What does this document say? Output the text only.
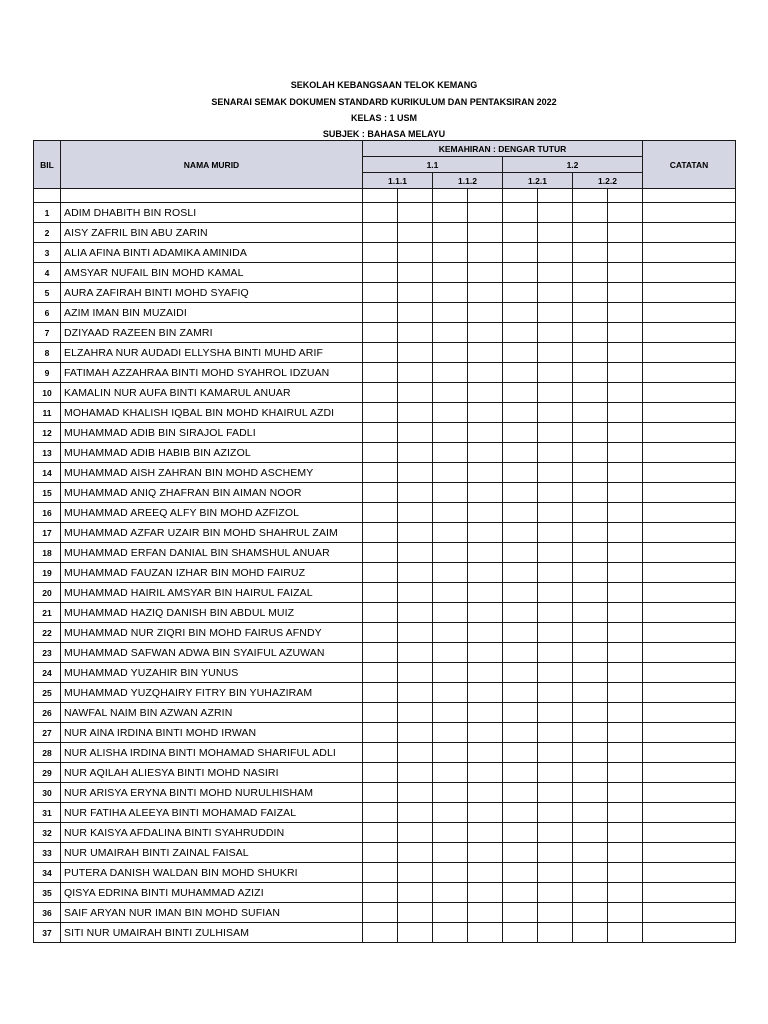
SEKOLAH KEBANGSAAN TELOK KEMANG
SENARAI SEMAK DOKUMEN STANDARD KURIKULUM DAN PENTAKSIRAN 2022
KELAS : 1 USM
SUBJEK : BAHASA MELAYU
BIL	NAMA MURID	KEMAHIRAN : DENGAR TUTUR								CATATAN
		1.1				1.2				
		1.1.1		1.1.2		1.2.1		1.2.2		

1	ADIM DHABITH BIN ROSLI									
2	AISY ZAFRIL BIN ABU ZARIN									
3	ALIA AFINA BINTI ADAMIKA AMINIDA									
4	AMSYAR NUFAIL BIN MOHD KAMAL									
5	AURA ZAFIRAH BINTI MOHD SYAFIQ									
6	AZIM IMAN BIN MUZAIDI									
7	DZIYAAD RAZEEN BIN ZAMRI									
8	ELZAHRA NUR AUDADI ELLYSHA BINTI MUHD ARIF									
9	FATIMAH AZZAHRAA BINTI MOHD SYAHROL IDZUAN									
10	KAMALIN NUR AUFA BINTI KAMARUL ANUAR									
11	MOHAMAD KHALISH IQBAL BIN MOHD KHAIRUL AZDI									
12	MUHAMMAD ADIB BIN SIRAJOL FADLI									
13	MUHAMMAD ADIB HABIB BIN AZIZOL									
14	MUHAMMAD AISH ZAHRAN BIN MOHD ASCHEMY									
15	MUHAMMAD ANIQ ZHAFRAN BIN AIMAN NOOR									
16	MUHAMMAD AREEQ ALFY BIN MOHD AZFIZOL									
17	MUHAMMAD AZFAR UZAIR BIN MOHD SHAHRUL ZAIM									
18	MUHAMMAD ERFAN DANIAL BIN SHAMSHUL ANUAR									
19	MUHAMMAD FAUZAN IZHAR BIN MOHD FAIRUZ									
20	MUHAMMAD HAIRIL AMSYAR BIN HAIRUL FAIZAL									
21	MUHAMMAD HAZIQ DANISH BIN ABDUL MUIZ									
22	MUHAMMAD NUR ZIQRI BIN MOHD FAIRUS AFNDY									
23	MUHAMMAD SAFWAN ADWA BIN SYAIFUL AZUWAN									
24	MUHAMMAD YUZAHIR BIN YUNUS									
25	MUHAMMAD YUZQHAIRY FITRY BIN YUHAZIRAM									
26	NAWFAL NAIM BIN AZWAN AZRIN									
27	NUR AINA IRDINA BINTI MOHD IRWAN									
28	NUR ALISHA IRDINA BINTI MOHAMAD SHARIFUL ADLI									
29	NUR AQILAH ALIESYA BINTI MOHD NASIRI									
30	NUR ARISYA ERYNA BINTI MOHD NURULHISHAM									
31	NUR FATIHA ALEEYA BINTI MOHAMAD FAIZAL									
32	NUR KAISYA AFDALINA BINTI SYAHRUDDIN									
33	NUR UMAIRAH BINTI ZAINAL FAISAL									
34	PUTERA DANISH WALDAN BIN MOHD SHUKRI									
35	QISYA EDRINA BINTI MUHAMMAD AZIZI									
36	SAIF ARYAN NUR IMAN BIN MOHD SUFIAN									
37	SITI NUR UMAIRAH BINTI ZULHISAM									
